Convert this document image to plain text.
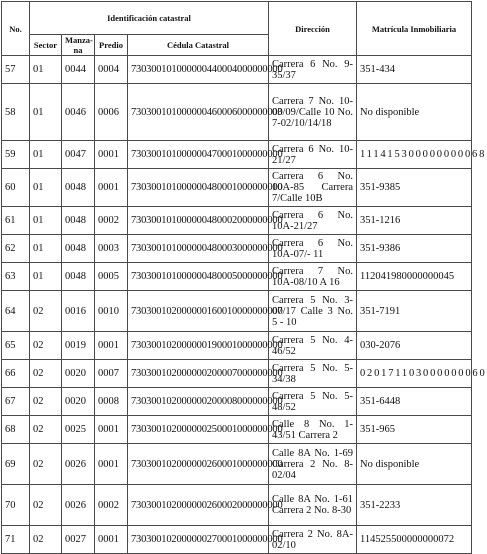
No.	Identificación catastral				Dirección	Matrícula Inmobiliaria
	Sector	Manza-na	Predio	Cédula Catastral		
57	01	0044	0004	730300101000000440004000000000	Carrera 6 No. 9-35/37	351-434
58	01	0046	0006	730300101000000460006000000000	Carrera 7 No. 10-03/09/Calle 10 No. 7-02/10/14/18	No disponible
59	01	0047	0001	730300101000000470001000000000	Carrera 6 No. 10-21/27	111415300000000068
60	01	0048	0001	730300101000000480001000000000	Carrera 6 No. 10A-85 Carrera 7/Calle 10B	351-9385
61	01	0048	0002	730300101000000480002000000000	Carrera 6 No. 10A-21/27	351-1216
62	01	0048	0003	730300101000000480003000000000	Carrera 6 No. 10A-07/- 11	351-9386
63	01	0048	0005	730300101000000480005000000000	Carrera 7 No. 10A-08/10 A 16	112041980000000045
64	02	0016	0010	730300102000000160010000000000	Carrera 5 No. 3-07/17 Calle 3 No. 5 - 10	351-7191
65	02	0019	0001	730300102000000190001000000000	Carrera 5 No. 4-46/52	030-2076
66	02	0020	0007	730300102000000200007000000000	Carrera 5 No. 5-34/38	020171103000000060
67	02	0020	0008	730300102000000200008000000000	Carrera 5 No. 5-48/52	351-6448
68	02	0025	0001	730300102000000250001000000000	Calle 8 No. 1-43/51 Carrera 2	351-965
69	02	0026	0001	730300102000000260001000000000	Calle 8A No. 1-69 Carrera 2 No. 8-02/04	No disponible
70	02	0026	0002	730300102000000260002000000000	Calle 8A No. 1-61 Carrera 2 No. 8-30	351-2233
71	02	0027	0001	730300102000000270001000000000	Carrera 2 No. 8A-02/10	114525500000000072
